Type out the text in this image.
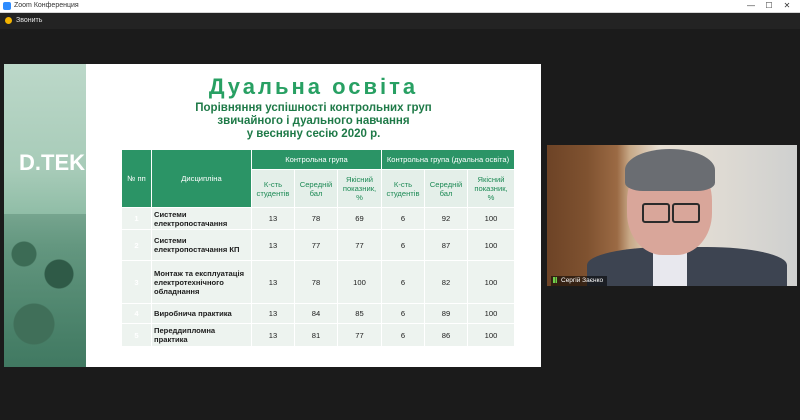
Zoom Конференция	—	☐	✕
Звонить
D.TEK
Дуальна освіта
Порівняння успішності контрольних груп
звичайного і дуального навчання
у весняну сесію 2020 р.
№ пп	Дисципліна	Контрольна група			Контрольна група (дуальна освіта)		
		К-сть студентів	Середній бал	Якісний показник, %	К-сть студентів	Середній бал	Якісний показник, %
1	Системи електропостачання	13	78	69	6	92	100
2	Системи електропостачання КП	13	77	77	6	87	100
3	Монтаж та експлуатація електротехнічного обладнання	13	78	100	6	82	100
4	Виробнича практика	13	84	85	6	89	100
5	Переддипломна практика	13	81	77	6	86	100
Сергій Заєнко
